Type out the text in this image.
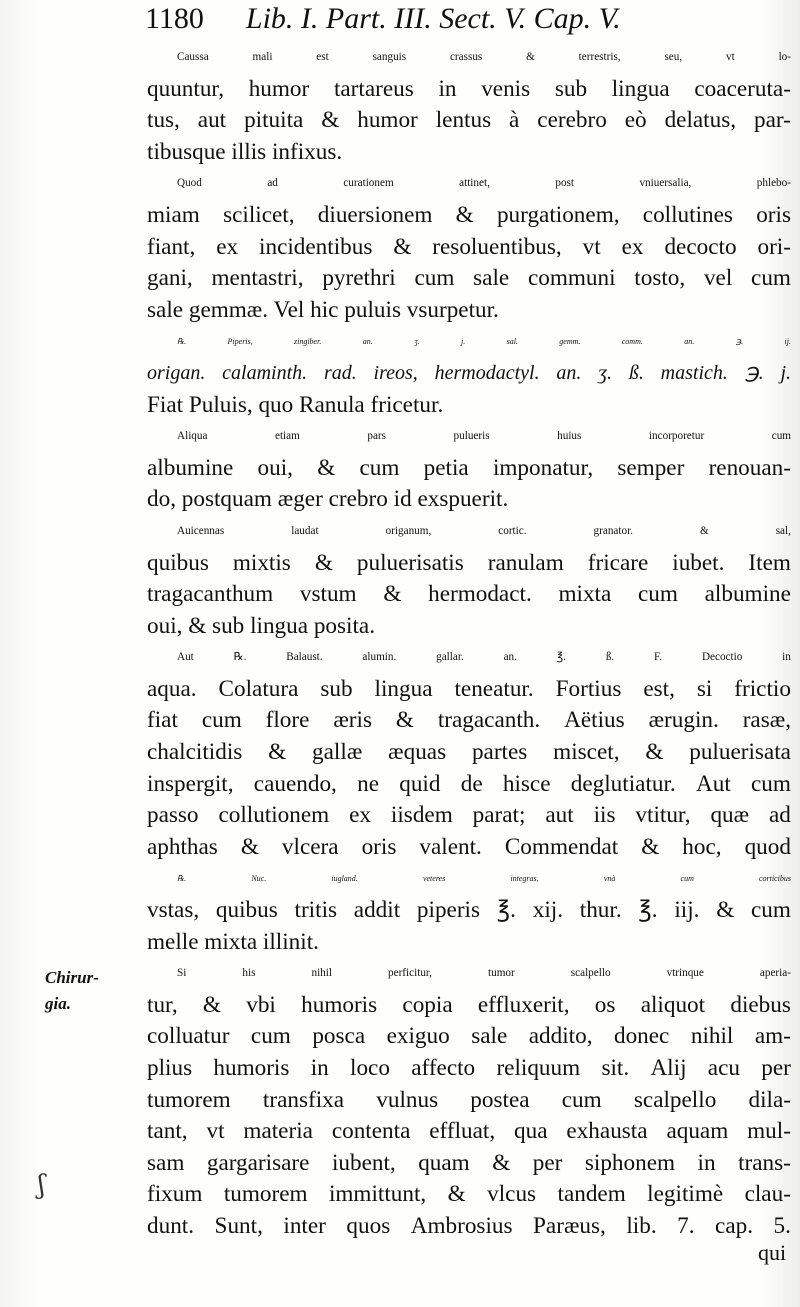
1180 Lib. I. Part. III. Sect. V. Cap. V.
Caussa	mali	est	sanguis	crassus	&	terrestris,	seu,	vt	lo-
quuntur, humor tartareus in venis sub lingua coaceruta-
tus, aut pituita & humor lentus à cerebro eò delatus, par-
tibusque illis infixus.
Quod	ad	curationem	attinet,	post	vniuersalia,	phlebo-
miam scilicet, diuersionem & purgationem, collutines oris
fiant, ex incidentibus & resoluentibus, vt ex decocto ori-
gani, mentastri, pyrethri cum sale communi tosto, vel cum
sale gemmæ. Vel hic puluis vsurpetur.
℞.	Piperis,	zingiber.	an.	ʒ.	j.	sal.	gemm.	comm.	an.	℈.	ij.
origan. calaminth. rad. ireos, hermodactyl. an. ʒ. ß. mastich. ℈. j.
Fiat Puluis, quo Ranula fricetur.
Aliqua	etiam	pars	pulueris	huius	incorporetur	cum
albumine oui, & cum petia imponatur, semper renouan-
do, postquam æger crebro id exspuerit.
Auicennas	laudat	origanum,	cortic.	granator.	&	sal,
quibus mixtis & puluerisatis ranulam fricare iubet. Item
tragacanthum vstum & hermodact. mixta cum albumine
oui, & sub lingua posita.
Aut	℞.	Balaust.	alumin.	gallar.	an.	℥.	ß.	F.	Decoctio	in
aqua. Colatura sub lingua teneatur. Fortius est, si frictio
fiat cum flore æris & tragacanth. Aëtius ærugin. rasæ,
chalcitidis & gallæ æquas partes miscet, & puluerisata
inspergit, cauendo, ne quid de hisce deglutiatur. Aut cum
passo collutionem ex iisdem parat; aut iis vtitur, quæ ad
aphthas & vlcera oris valent. Commendat & hoc, quod
℞.	Nuc.	iugland.	veteres	integras,	vnà	cum	corticibus
vstas, quibus tritis addit piperis ℥. xij. thur. ℥. iij. & cum
melle mixta illinit.
Si	his	nihil	perficitur,	tumor	scalpello	vtrinque	aperia-
tur, & vbi humoris copia effluxerit, os aliquot diebus
colluatur cum posca exiguo sale addito, donec nihil am-
plius humoris in loco affecto reliquum sit. Alij acu per
tumorem transfixa vulnus postea cum scalpello dila-
tant, vt materia contenta effluat, qua exhausta aquam mul-
sam gargarisare iubent, quam & per siphonem in trans-
fixum tumorem immittunt, & vlcus tandem legitimè clau-
dunt. Sunt, inter quos Ambrosius Paræus, lib. 7. cap. 5.
Chirur-
gia.
ʃ
qui
